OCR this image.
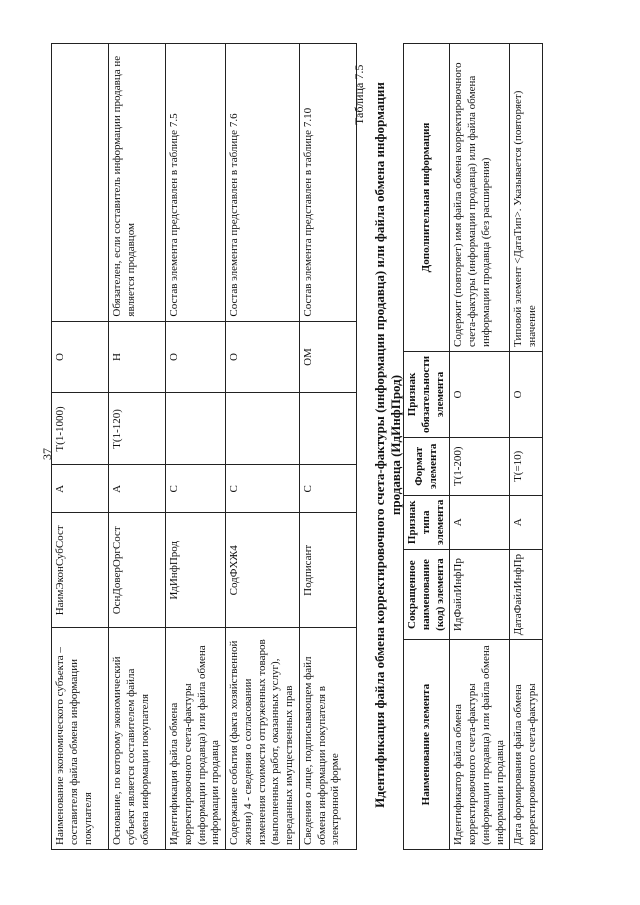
37
Наименование экономического субъекта – составителя файла обмена информации покупателя	НаимЭконСубСост	А	Т(1-1000)	О	
Основание, по которому экономический субъект является составителем файла обмена информации покупателя	ОснДоверОргСост	А	Т(1-120)	Н	Обязателен, если составитель информации продавца не является продавцом
Идентификация файла обмена корректировочного счета-фактуры (информации продавца) или файла обмена информации продавца	ИдИнфПрод	С		О	Состав элемента представлен в таблице 7.5
Содержание события (факта хозяйственной жизни) 4 - сведения о согласовании изменения стоимости отгруженных товаров (выполненных работ, оказанных услуг), переданных имущественных прав	СодФХЖ4	С		О	Состав элемента представлен в таблице 7.6
Сведения о лице, подписывающем файл обмена информации покупателя в электронной форме	Подписант	С		ОМ	Состав элемента представлен в таблице 7.10
Таблица 7.5 Идентификация файла обмена корректировочного счета-фактуры (информации продавца) или файла обмена информации продавца (ИдИнфПрод)
Наименование элемента	Сокращенное наименование (код) элемента	Признак типа элемента	Формат элемента	Признак обязательности элемента	Дополнительная информация
Идентификатор файла обмена корректировочного счета-фактуры (информации продавца) или файла обмена информации продавца	ИдФайлИнфПр	А	Т(1-200)	О	Содержит (повторяет) имя файла обмена корректировочного счета-фактуры (информации продавца) или файла обмена информации продавца (без расширения)
Дата формирования файла обмена корректировочного счета-фактуры	ДатаФайлИнфПр	А	Т(=10)	О	Типовой элемент <ДатаТип>. Указывается (повторяет) значение
